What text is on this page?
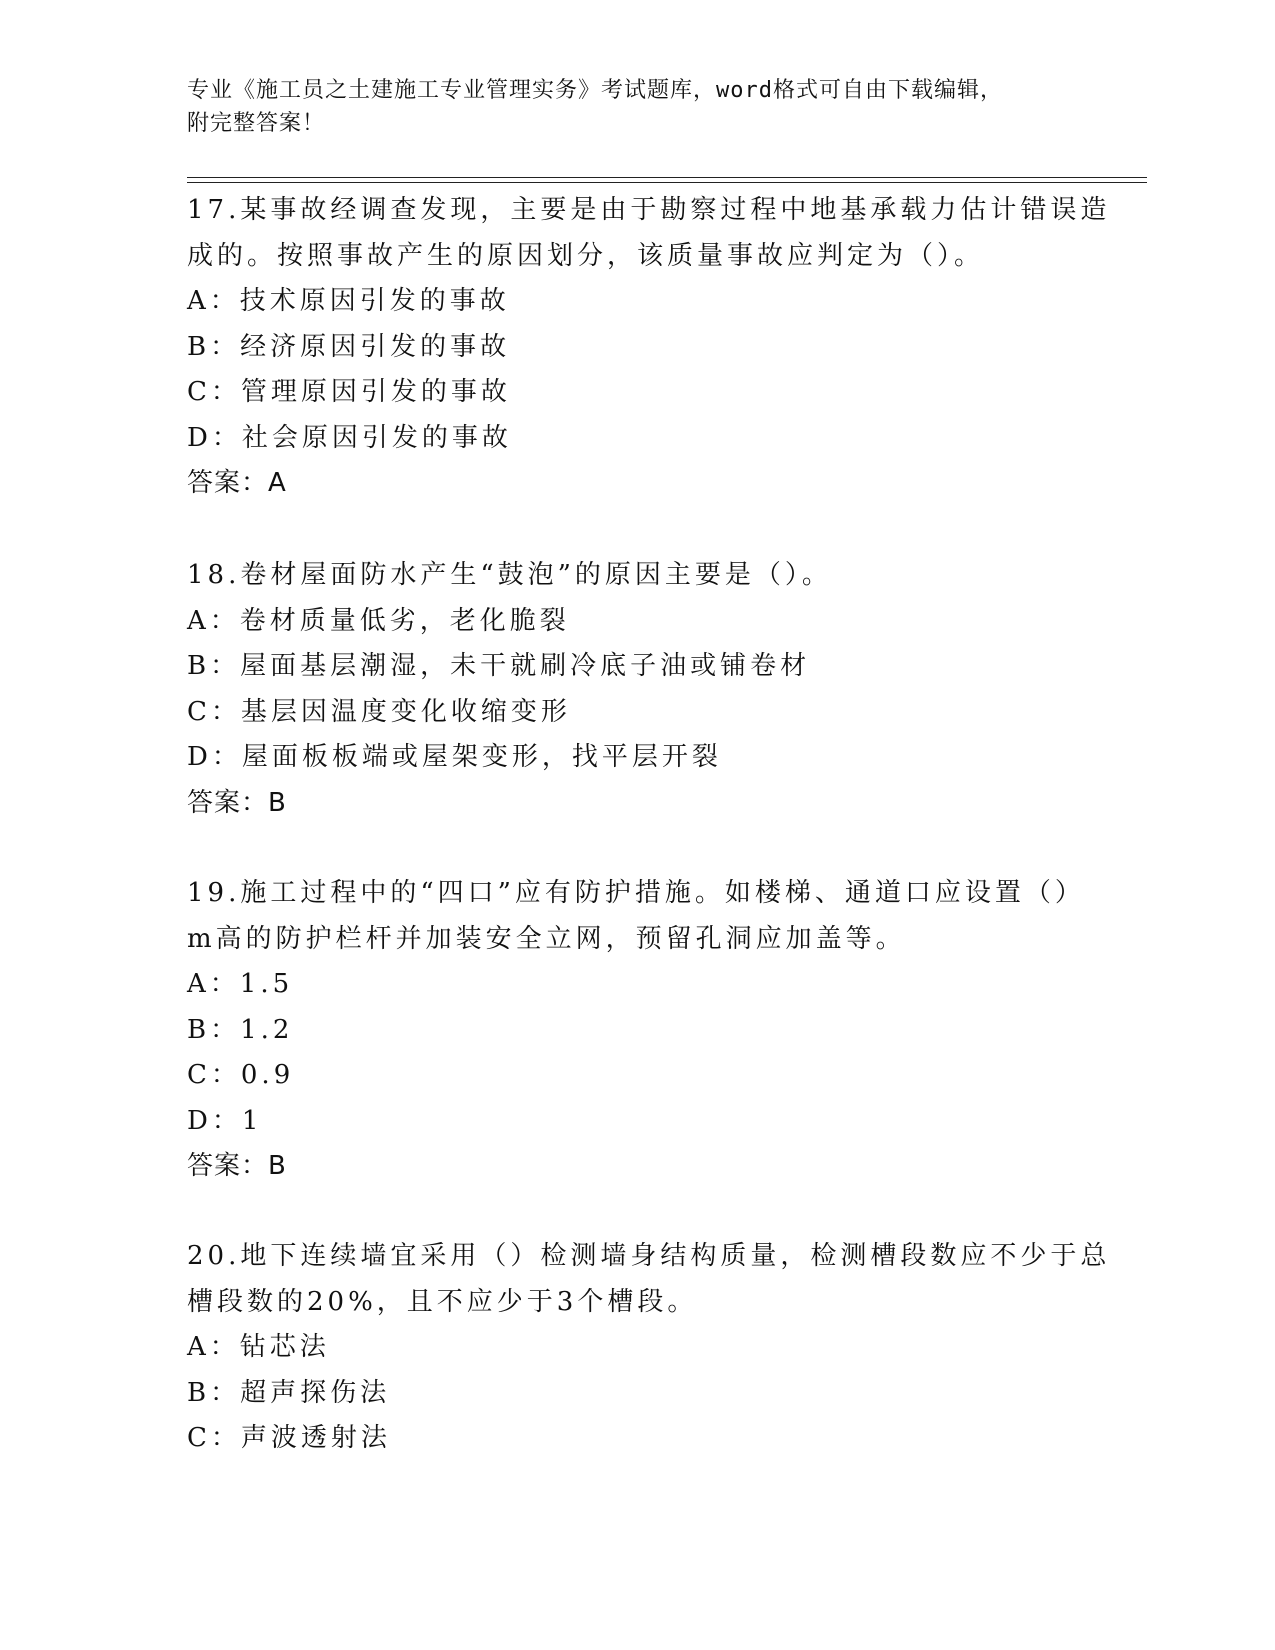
专业《施工员之土建施工专业管理实务》考试题库，word格式可自由下载编辑，
附完整答案！
17.某事故经调查发现，主要是由于勘察过程中地基承载力估计错误造
成的。按照事故产生的原因划分，该质量事故应判定为（）。
A：技术原因引发的事故
B：经济原因引发的事故
C：管理原因引发的事故
D：社会原因引发的事故
答案：A
18.卷材屋面防水产生“鼓泡”的原因主要是（）。
A：卷材质量低劣，老化脆裂
B：屋面基层潮湿，未干就刷冷底子油或铺卷材
C：基层因温度变化收缩变形
D：屋面板板端或屋架变形，找平层开裂
答案：B
19.施工过程中的“四口”应有防护措施。如楼梯、通道口应设置（）
m高的防护栏杆并加装安全立网，预留孔洞应加盖等。
A：1.5
B：1.2
C：0.9
D：1
答案：B
20.地下连续墙宜采用（）检测墙身结构质量，检测槽段数应不少于总
槽段数的20%，且不应少于3个槽段。
A：钻芯法
B：超声探伤法
C：声波透射法
